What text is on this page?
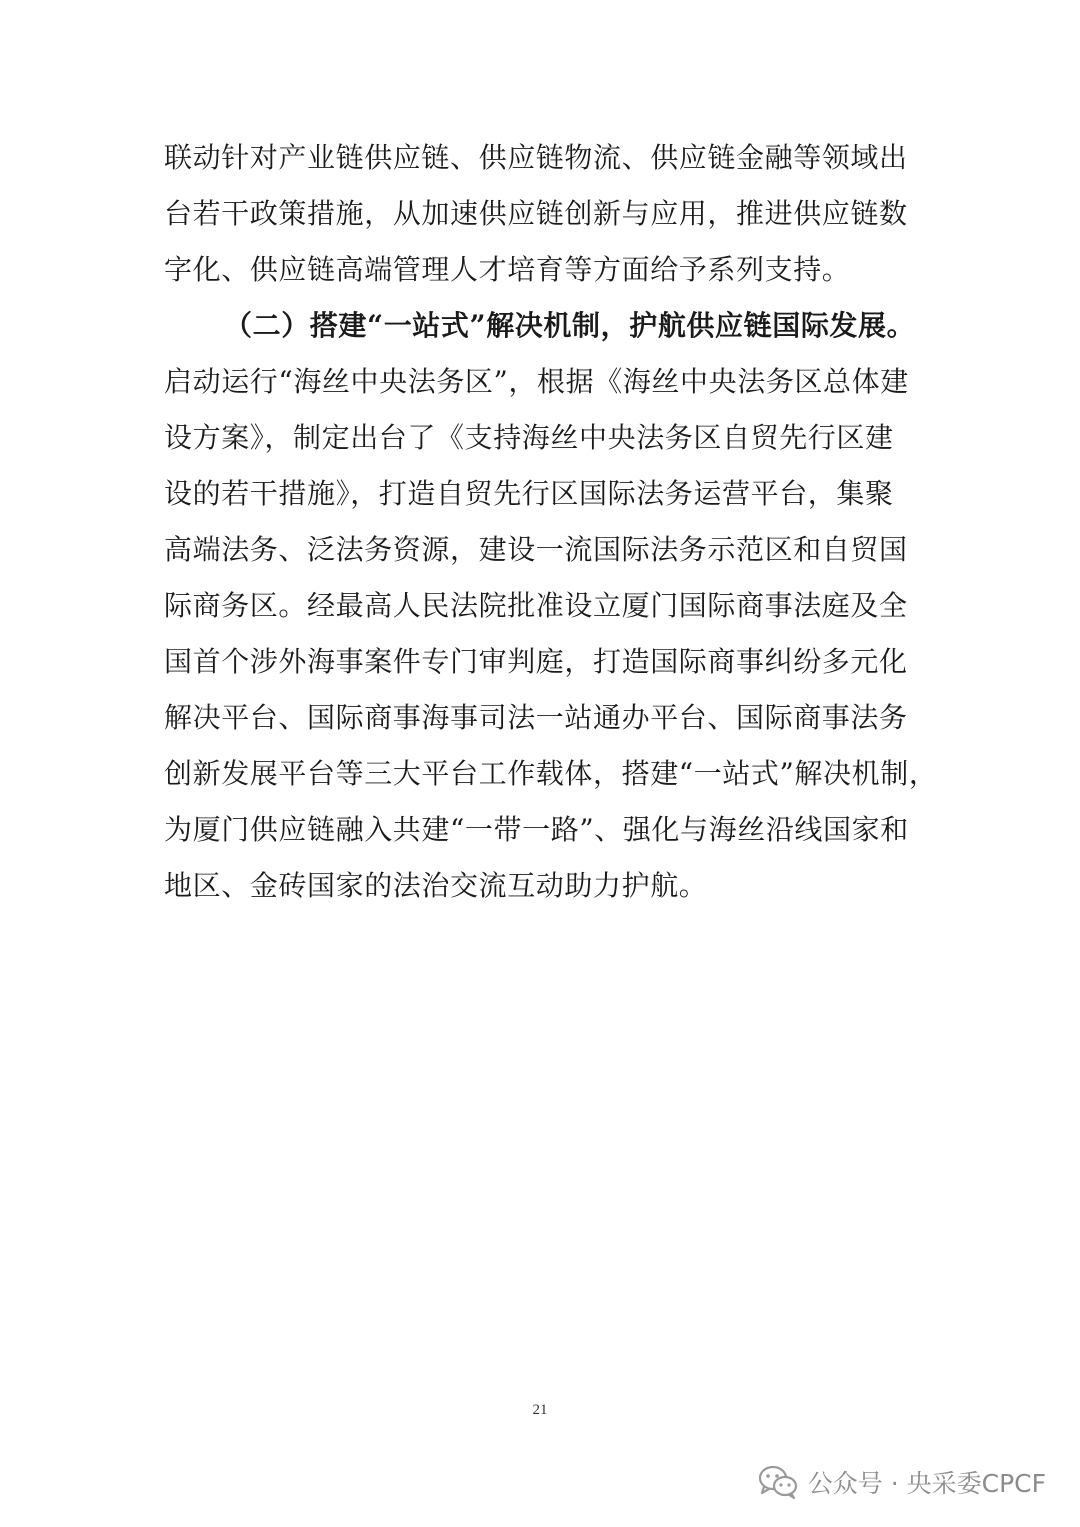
联动针对产业链供应链、供应链物流、供应链金融等领域出
台若干政策措施，从加速供应链创新与应用，推进供应链数
字化、供应链高端管理人才培育等方面给予系列支持。
（二）搭建“一站式”解决机制，护航供应链国际发展。
启动运行“海丝中央法务区”，根据《海丝中央法务区总体建
设方案》，制定出台了《支持海丝中央法务区自贸先行区建
设的若干措施》，打造自贸先行区国际法务运营平台，集聚
高端法务、泛法务资源，建设一流国际法务示范区和自贸国
际商务区。经最高人民法院批准设立厦门国际商事法庭及全
国首个涉外海事案件专门审判庭，打造国际商事纠纷多元化
解决平台、国际商事海事司法一站通办平台、国际商事法务
创新发展平台等三大平台工作载体，搭建“一站式”解决机制，
为厦门供应链融入共建“一带一路”、强化与海丝沿线国家和
地区、金砖国家的法治交流互动助力护航。
21
公众号 · 央采委CPCF
